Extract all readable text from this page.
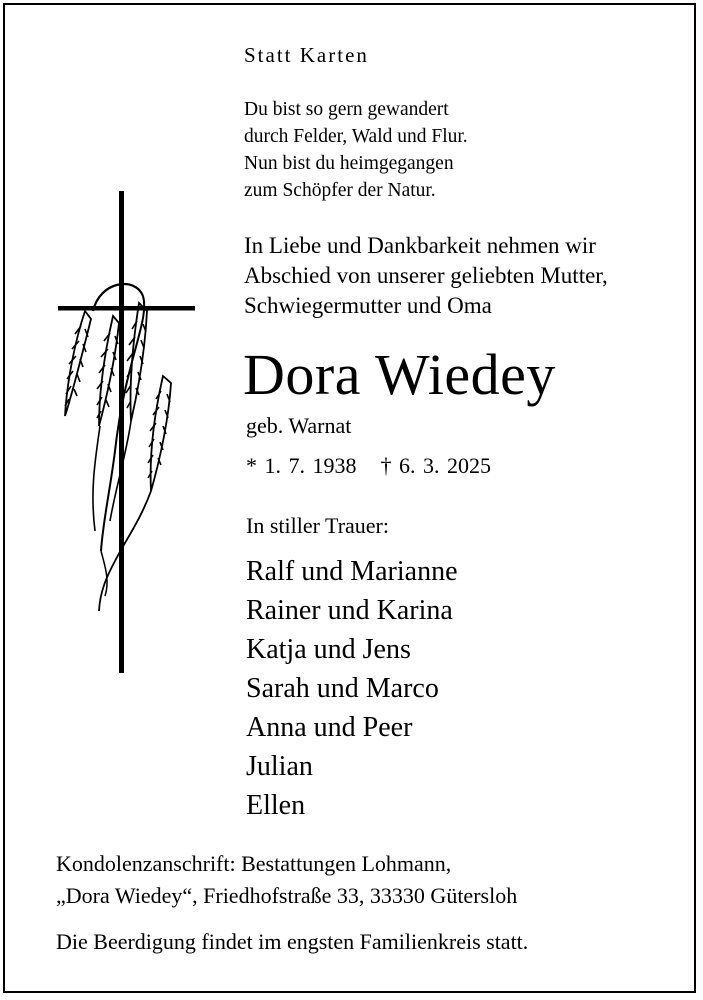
Statt Karten

Du bist so gern gewandert
durch Felder, Wald und Flur.
Nun bist du heimgegangen
zum Schöpfer der Natur.
In Liebe und Dankbarkeit nehmen wir
Abschied von unserer geliebten Mutter,
Schwiegermutter und Oma
Dora Wiedey

geb. Warnat

* 1. 7. 1938 † 6. 3. 2025

In stiller Trauer:

Ralf und Marianne
Rainer und Karina
Katja und Jens
Sarah und Marco
Anna und Peer
Julian
Ellen
Kondolenzanschrift: Bestattungen Lohmann,
„Dora Wiedey“, Friedhofstraße 33, 33330 Gütersloh

Die Beerdigung findet im engsten Familienkreis statt.
